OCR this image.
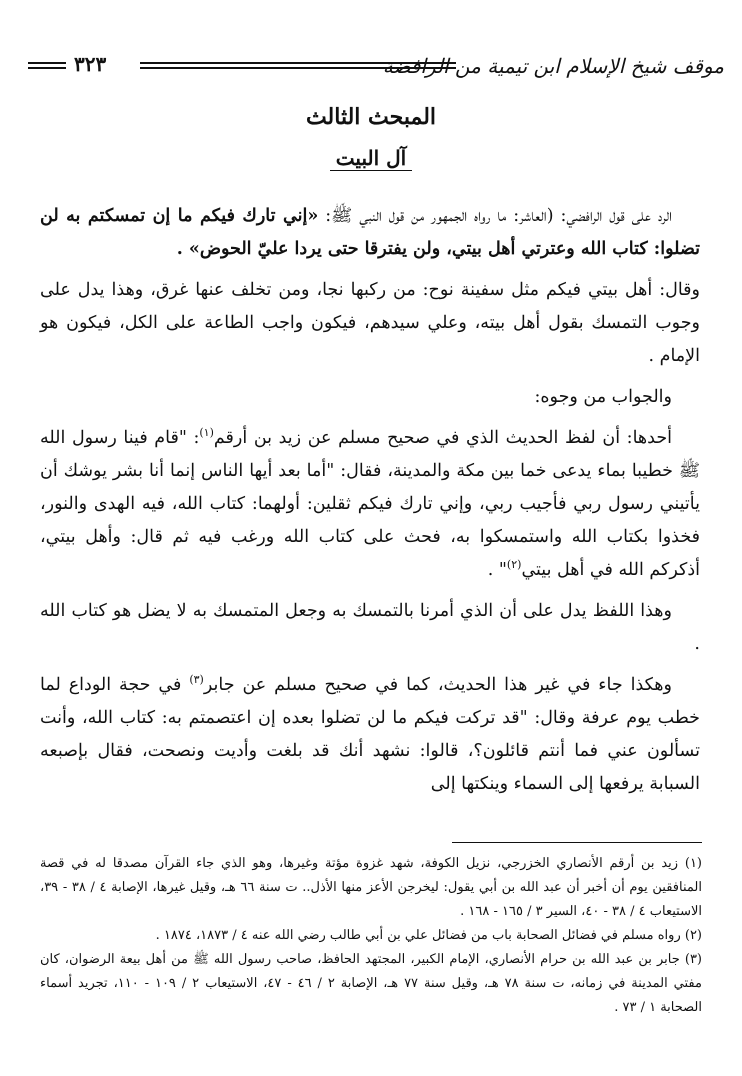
موقف شيخ الإسلام ابن تيمية من الرافضة
٣٢٣
المبحث الثالث
آل البيت

الرد على قول الرافضي: (العاشر: ما رواه الجمهور من قول النبي ﷺ: «إني تارك فيكم ما إن تمسكتم به لن تضلوا: كتاب الله وعترتي أهل بيتي، ولن يفترقا حتى يردا عليّ الحوض» .

وقال: أهل بيتي فيكم مثل سفينة نوح: من ركبها نجا، ومن تخلف عنها غرق، وهذا يدل على وجوب التمسك بقول أهل بيته، وعلي سيدهم، فيكون واجب الطاعة على الكل، فيكون هو الإمام .

والجواب من وجوه:

أحدها: أن لفظ الحديث الذي في صحيح مسلم عن زيد بن أرقم$^{(١)}$: "قام فينا رسول الله ﷺ خطيبا بماء يدعى خما بين مكة والمدينة، فقال: "أما بعد أيها الناس إنما أنا بشر يوشك أن يأتيني رسول ربي فأجيب ربي، وإني تارك فيكم ثقلين: أولهما: كتاب الله، فيه الهدى والنور، فخذوا بكتاب الله واستمسكوا به، فحث على كتاب الله ورغب فيه ثم قال: وأهل بيتي، أذكركم الله في أهل بيتي$^{(٢)}$" .

وهذا اللفظ يدل على أن الذي أمرنا بالتمسك به وجعل المتمسك به لا يضل هو كتاب الله .

وهكذا جاء في غير هذا الحديث، كما في صحيح مسلم عن جابر$^{(٣)}$ في حجة الوداع لما خطب يوم عرفة وقال: "قد تركت فيكم ما لن تضلوا بعده إن اعتصمتم به: كتاب الله، وأنت تسألون عني فما أنتم قائلون؟، قالوا: نشهد أنك قد بلغت وأديت ونصحت، فقال بإصبعه السبابة يرفعها إلى السماء وينكتها إلى

(١) زيد بن أرقم الأنصاري الخزرجي، نزيل الكوفة، شهد غزوة مؤتة وغيرها، وهو الذي جاء القرآن مصدقا له في قصة المنافقين يوم أن أخبر أن عبد الله بن أبي يقول: ليخرجن الأعز منها الأذل.. ت سنة ٦٦ هـ، وقيل غيرها، الإصابة ٤ / ٣٨ - ٣٩، الاستيعاب ٤ / ٣٨ - ٤٠، السير ٣ / ١٦٥ - ١٦٨ .

(٢) رواه مسلم في فضائل الصحابة باب من فضائل علي بن أبي طالب رضي الله عنه ٤ / ١٨٧٣، ١٨٧٤ .

(٣) جابر بن عبد الله بن حرام الأنصاري، الإمام الكبير، المجتهد الحافظ، صاحب رسول الله ﷺ من أهل بيعة الرضوان، كان مفتي المدينة في زمانه، ت سنة ٧٨ هـ، وقيل سنة ٧٧ هـ، الإصابة ٢ / ٤٦ - ٤٧، الاستيعاب ٢ / ١٠٩ - ١١٠، تجريد أسماء الصحابة ١ / ٧٣ .
